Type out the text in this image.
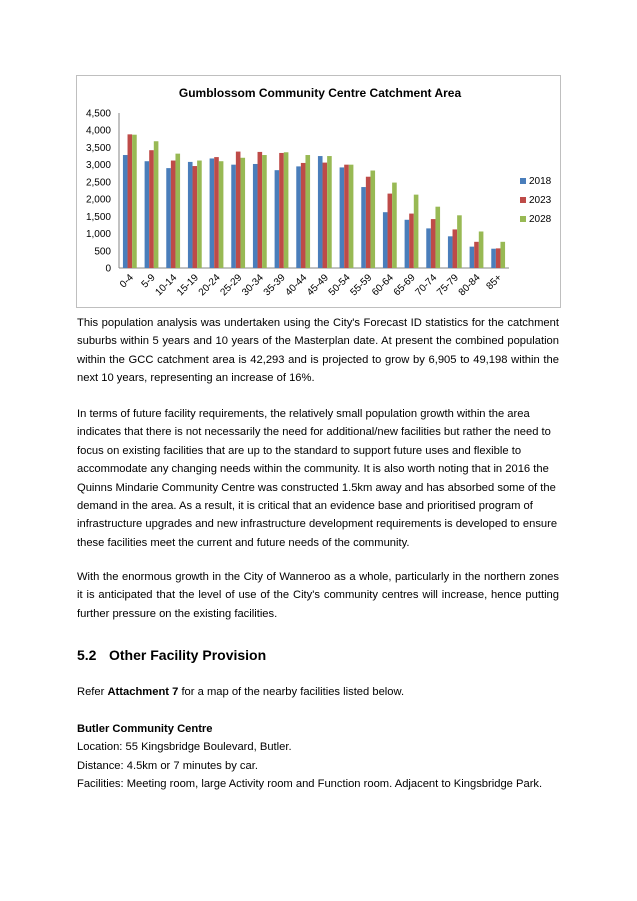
Gumblossom Community Centre Catchment Area
0
500
1,000
1,500
2,000
2,500
3,000
3,500
4,000
4,500
0-4 5-9
10-14
15-19
20-24
25-29
30-34
35-39
40-44
45-49
50-54
55-59
60-64
65-69
70-74
75-79
80-84 85+
2018
2023
2028
This population analysis was undertaken using the City's Forecast ID statistics for the catchment suburbs within 5 years and 10 years of the Masterplan date. At present the combined population within the GCC catchment area is 42,293 and is projected to grow by 6,905 to 49,198 within the next 10 years, representing an increase of 16%.
In terms of future facility requirements, the relatively small population growth within the area indicates that there is not necessarily the need for additional/new facilities but rather the need to focus on existing facilities that are up to the standard to support future uses and flexible to accommodate any changing needs within the community. It is also worth noting that in 2016 the Quinns Mindarie Community Centre was constructed 1.5km away and has absorbed some of the demand in the area. As a result, it is critical that an evidence base and prioritised program of infrastructure upgrades and new infrastructure development requirements is developed to ensure these facilities meet the current and future needs of the community.
With the enormous growth in the City of Wanneroo as a whole, particularly in the northern zones it is anticipated that the level of use of the City's community centres will increase, hence putting further pressure on the existing facilities.
5.2 Other Facility Provision
Refer Attachment 7 for a map of the nearby facilities listed below.
Butler Community Centre
Location: 55 Kingsbridge Boulevard, Butler.
Distance: 4.5km or 7 minutes by car.
Facilities: Meeting room, large Activity room and Function room. Adjacent to Kingsbridge Park.
